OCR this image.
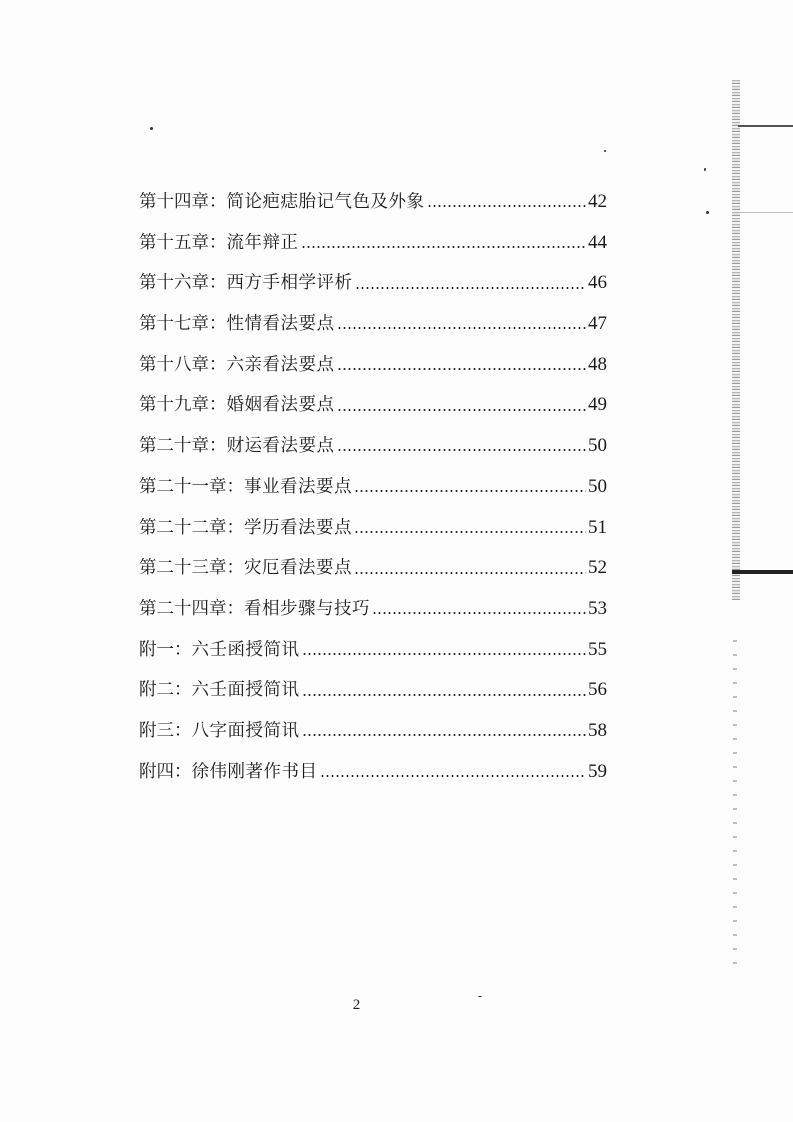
第十四章： 简论疤痣胎记气色及外象	42
第十五章： 流年辩正	44
第十六章： 西方手相学评析	46
第十七章： 性情看法要点	47
第十八章： 六亲看法要点	48
第十九章： 婚姻看法要点	49
第二十章： 财运看法要点	50
第二十一章： 事业看法要点	50
第二十二章： 学历看法要点	51
第二十三章： 灾厄看法要点	52
第二十四章： 看相步骤与技巧	53
附一： 六壬函授简讯	55
附二： 六壬面授简讯	56
附三： 八字面授简讯	58
附四： 徐伟刚著作书目	59
2
